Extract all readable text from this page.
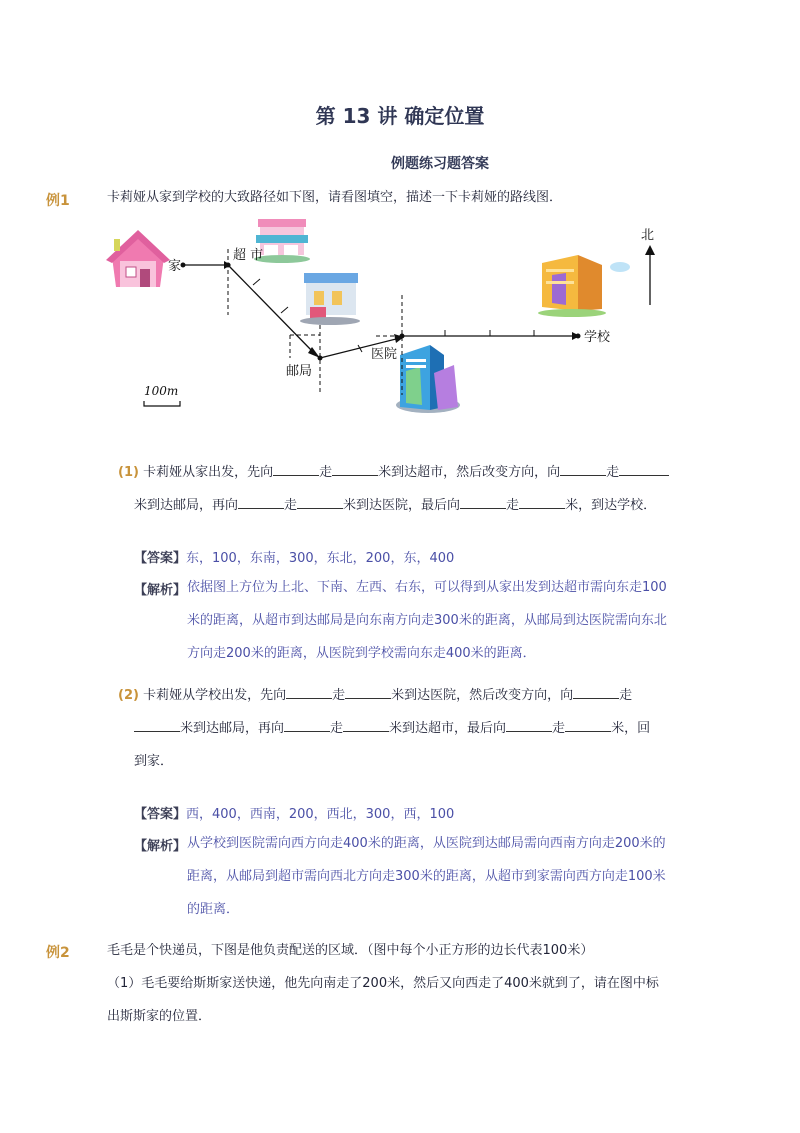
第 13 讲 确定位置
例题练习题答案
例1	卡莉娅从家到学校的大致路径如下图，请看图填空，描述一下卡莉娅的路线图．
家
超 市
邮局
医院
学校
北
100m
(1) 卡莉娅从家出发，先向	走	米到达超市，然后改变方向，向	走
米到达邮局，再向	走	米到达医院，最后向	走	米，到达学校．
【答案】东，100，东南，300，东北，200，东，400
【解析】 依据图上方位为上北、下南、左西、右东，可以得到从家出发到达超市需向东走100
米的距离，从超市到达邮局是向东南方向走300米的距离，从邮局到达医院需向东北
方向走200米的距离，从医院到学校需向东走400米的距离．
(2) 卡莉娅从学校出发，先向	走	米到达医院，然后改变方向，向	走
米到达邮局，再向	走	米到达超市，最后向	走	米，回
到家．
【答案】西，400，西南，200，西北，300，西，100
【解析】 从学校到医院需向西方向走400米的距离，从医院到达邮局需向西南方向走200米的
距离，从邮局到超市需向西北方向走300米的距离，从超市到家需向西方向走100米
的距离．
例2	毛毛是个快递员，下图是他负责配送的区域．（图中每个小正方形的边长代表100米）
（1）毛毛要给斯斯家送快递，他先向南走了200米，然后又向西走了400米就到了，请在图中标
出斯斯家的位置．
